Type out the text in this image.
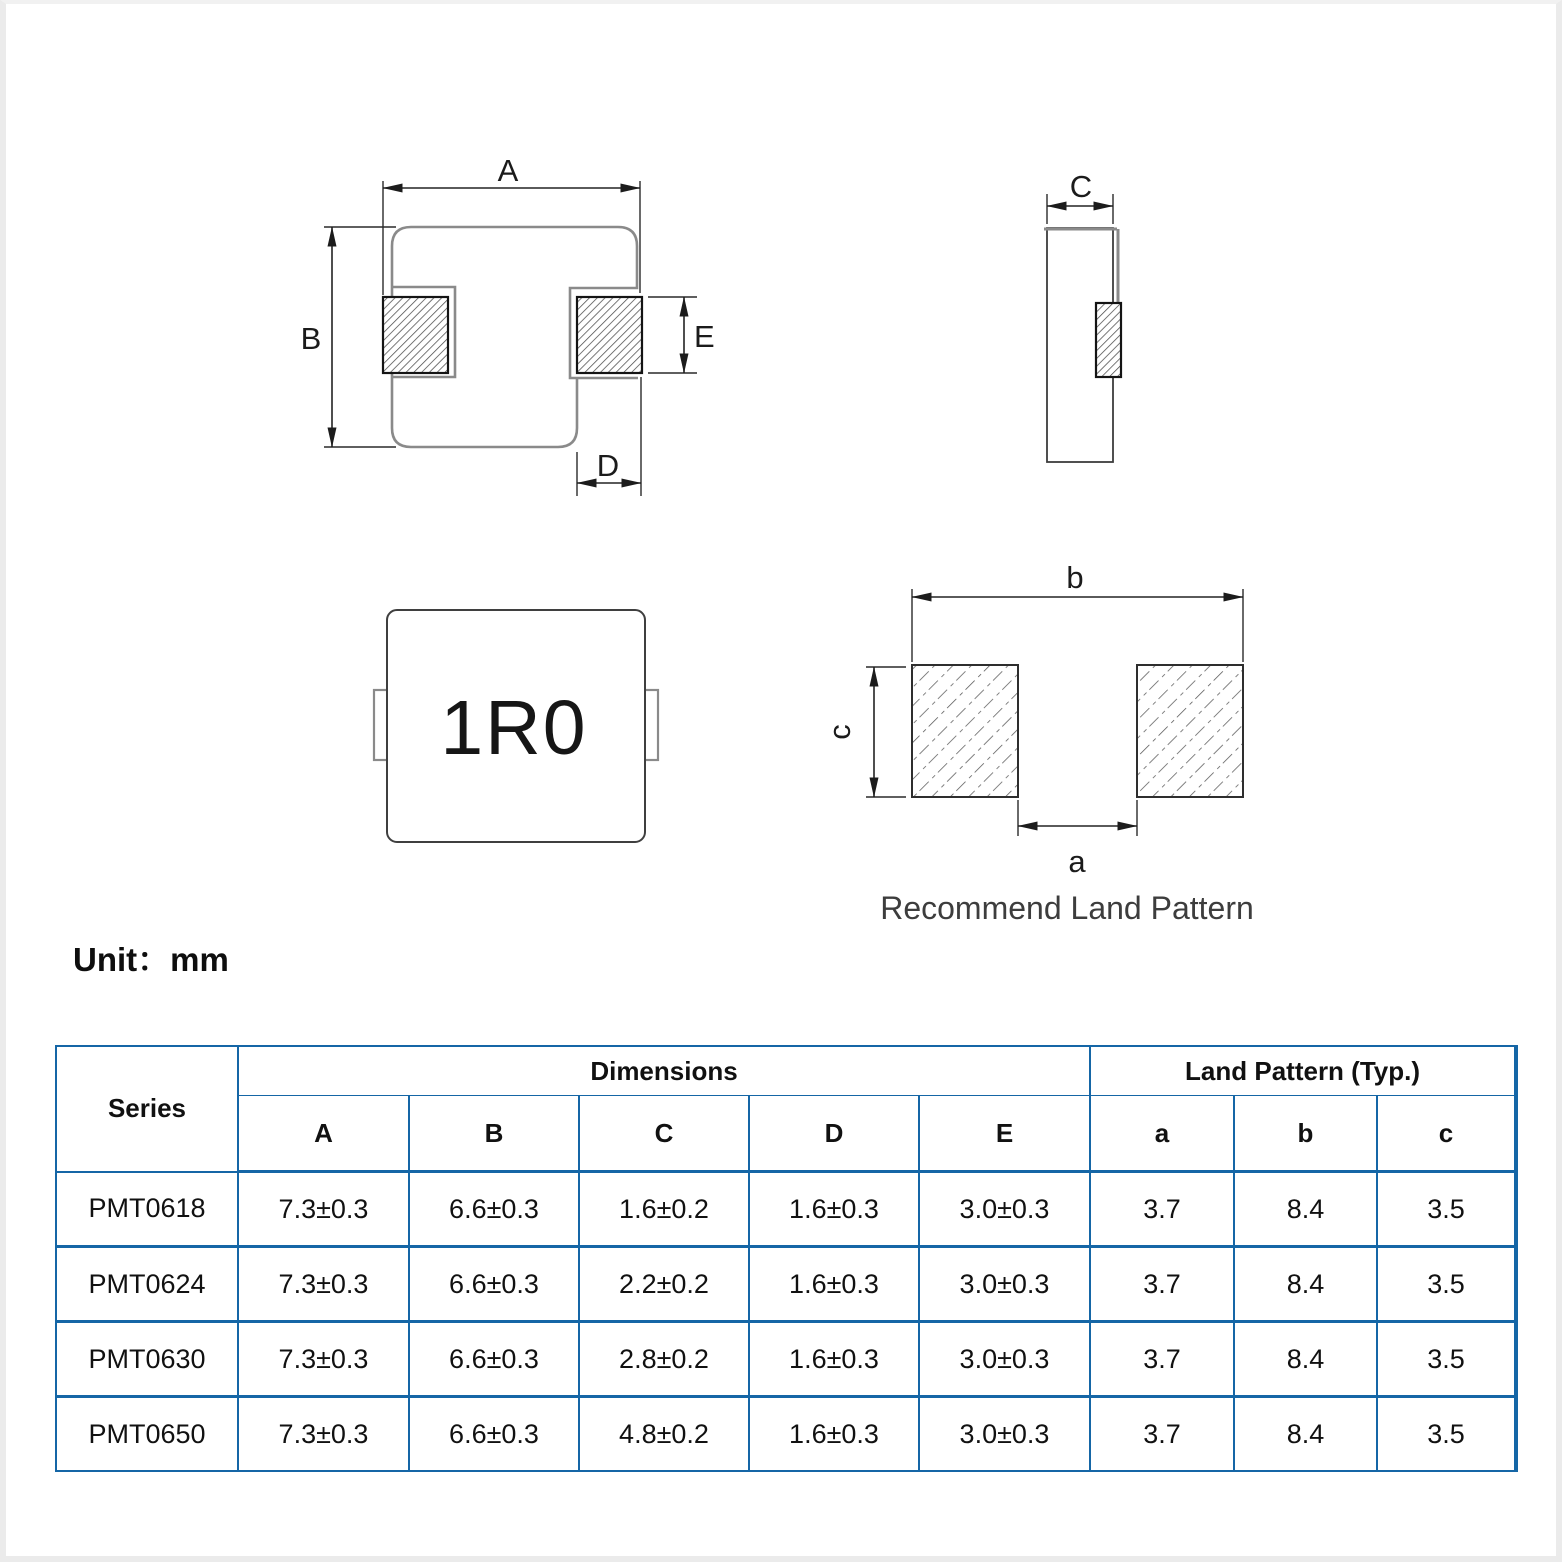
A
B	E
D
C
1R0
b
c
a
Recommend Land Pattern
Unit：mm
Series	Dimensions					Land Pattern (Typ.)		
	A	B	C	D	E	a	b	c
PMT0618	7.3±0.3	6.6±0.3	1.6±0.2	1.6±0.3	3.0±0.3	3.7	8.4	3.5
PMT0624	7.3±0.3	6.6±0.3	2.2±0.2	1.6±0.3	3.0±0.3	3.7	8.4	3.5
PMT0630	7.3±0.3	6.6±0.3	2.8±0.2	1.6±0.3	3.0±0.3	3.7	8.4	3.5
PMT0650	7.3±0.3	6.6±0.3	4.8±0.2	1.6±0.3	3.0±0.3	3.7	8.4	3.5
